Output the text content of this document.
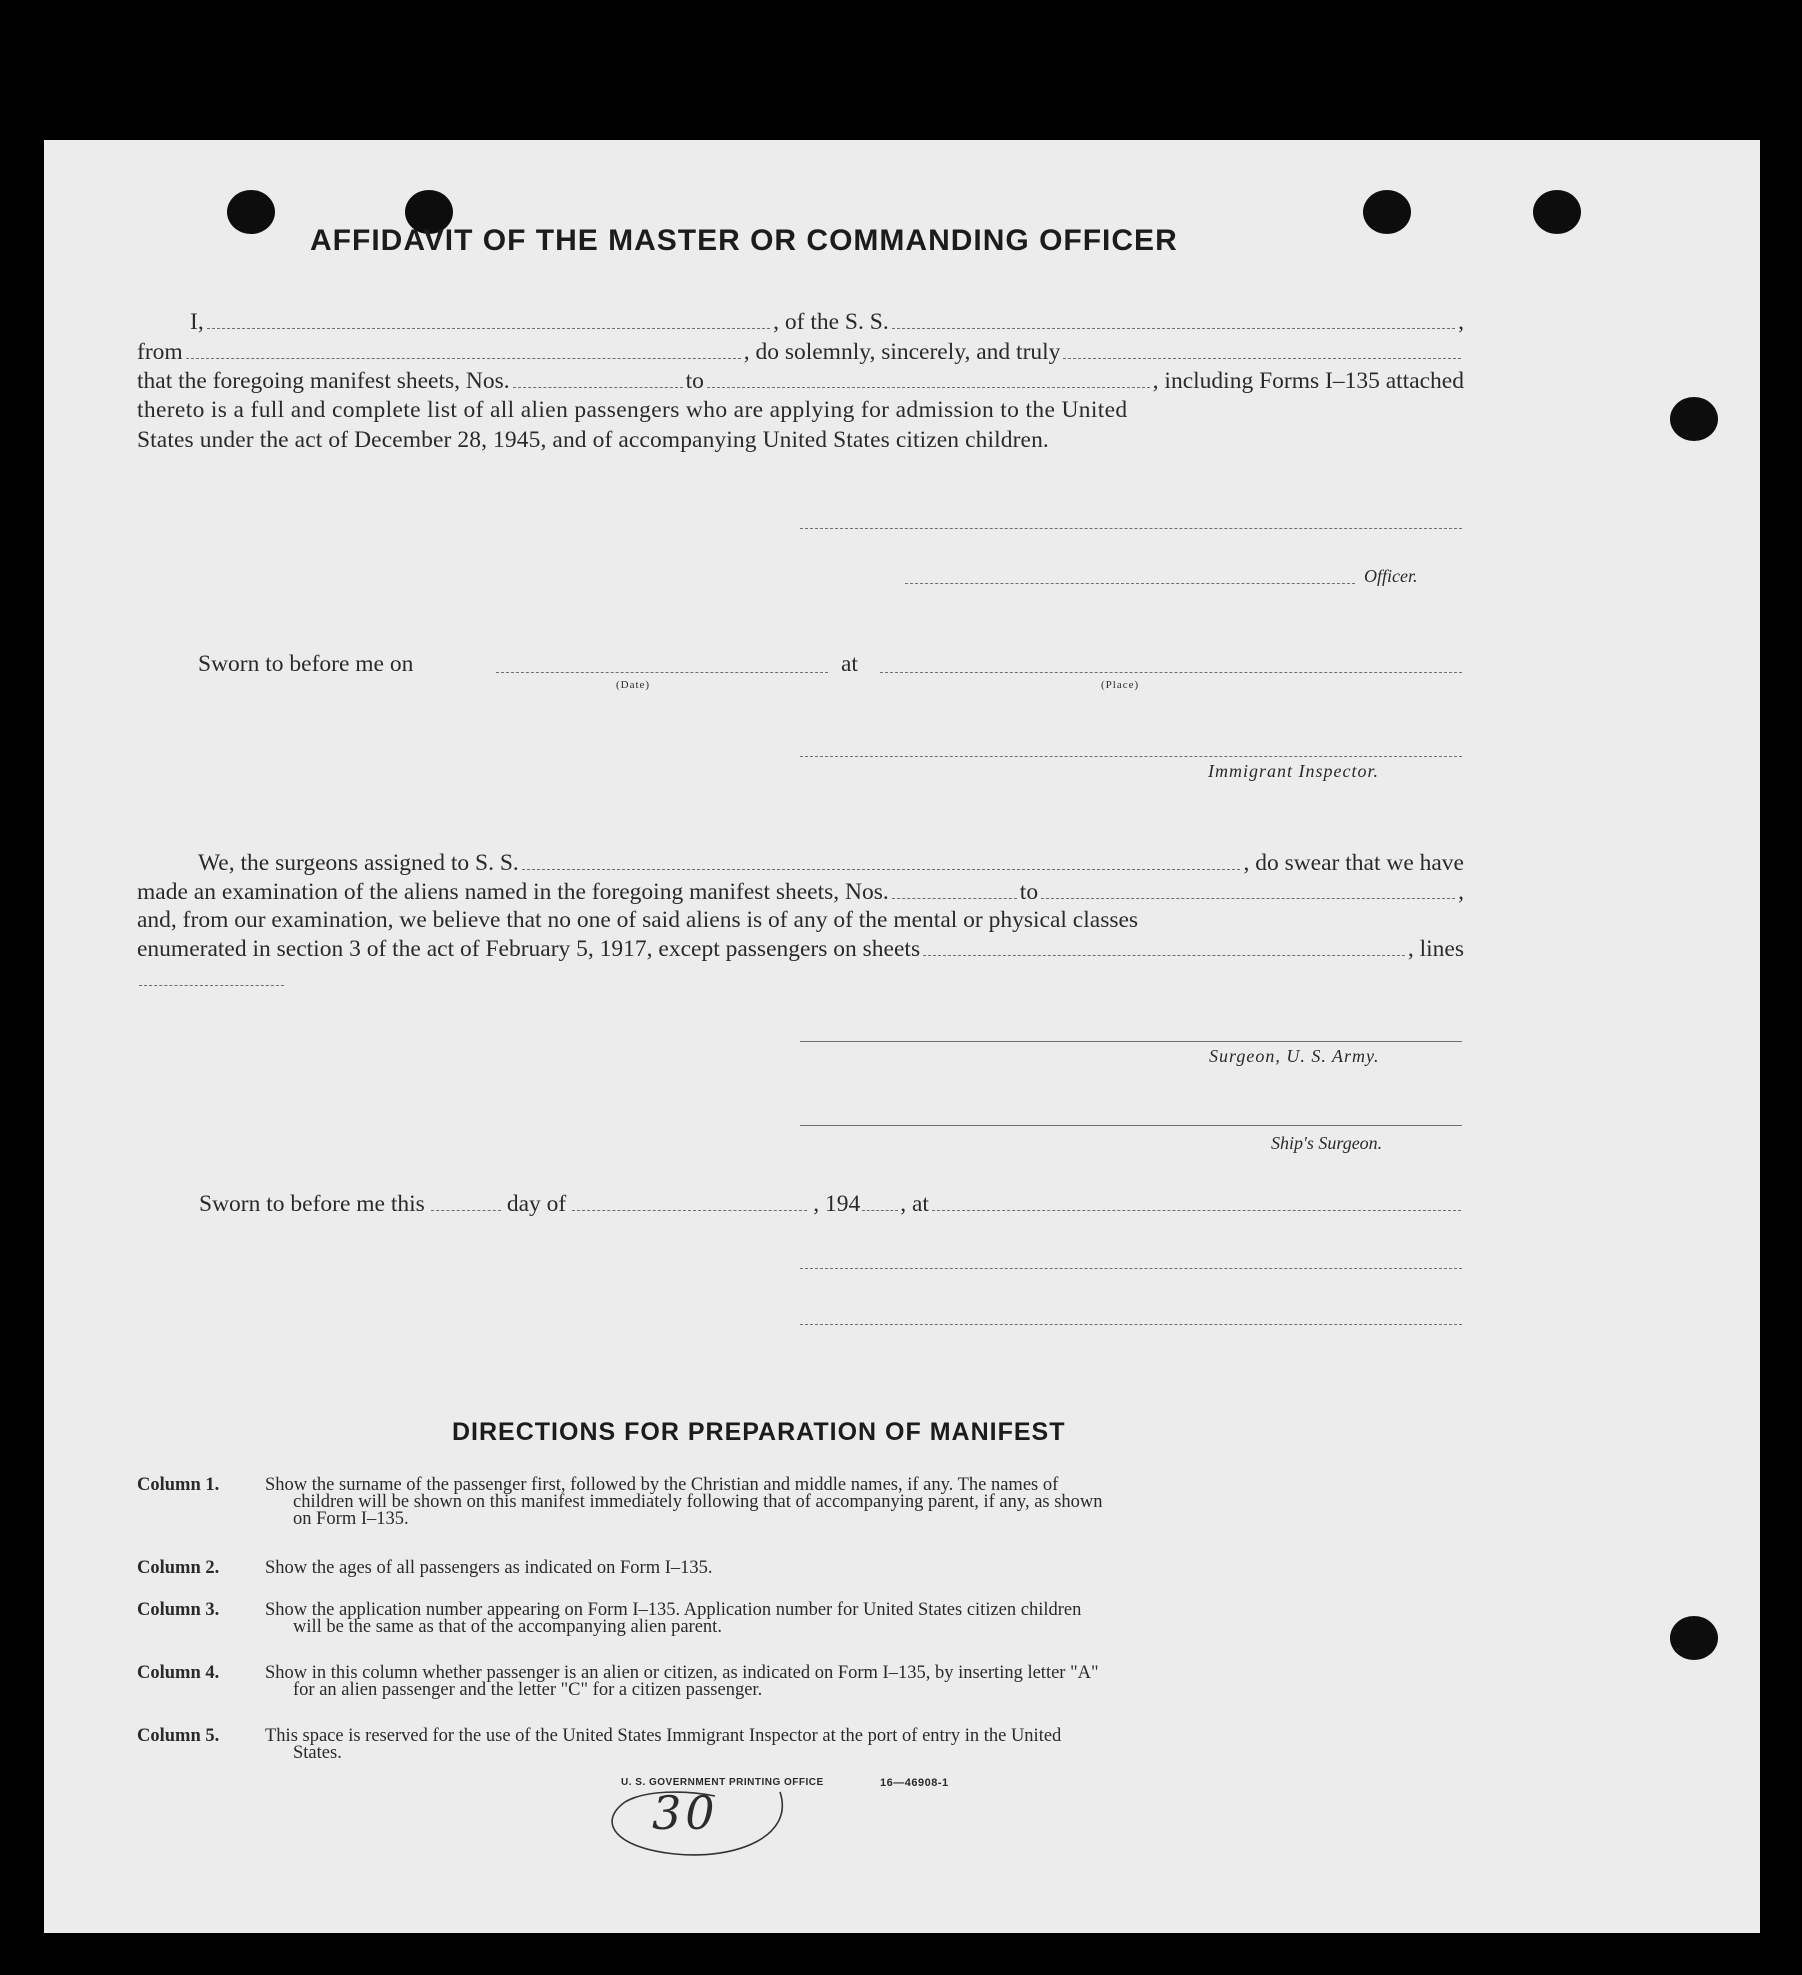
AFFIDAVIT OF THE MASTER OR COMMANDING OFFICER
I,	, of the S. S.	,
from	, do solemnly, sincerely, and truly
that the foregoing manifest sheets, Nos.	to	, including Forms I–135 attached
thereto is a full and complete list of all alien passengers who are applying for admission to the United
States under the act of December 28, 1945, and of accompanying United States citizen children.
Officer.
Sworn to before me on	at
(Date)	(Place)
Immigrant Inspector.
We, the surgeons assigned to S. S.	, do swear that we have
made an examination of the aliens named in the foregoing manifest sheets, Nos.	to	,
and, from our examination, we believe that no one of said aliens is of any of the mental or physical classes
enumerated in section 3 of the act of February 5, 1917, except passengers on sheets	, lines
Surgeon, U. S. Army.
Ship's Surgeon.
Sworn to before me this	day of	, 194 , at
DIRECTIONS FOR PREPARATION OF MANIFEST
Column 1.	Show the surname of the passenger first, followed by the Christian and middle names, if any. The names of
children will be shown on this manifest immediately following that of accompanying parent, if any, as shown
on Form I–135.
Column 2.	Show the ages of all passengers as indicated on Form I–135.
Column 3.	Show the application number appearing on Form I–135. Application number for United States citizen children
will be the same as that of the accompanying alien parent.
Column 4.	Show in this column whether passenger is an alien or citizen, as indicated on Form I–135, by inserting letter "A"
for an alien passenger and the letter "C" for a citizen passenger.
Column 5.	This space is reserved for the use of the United States Immigrant Inspector at the port of entry in the United
States.
U. S. GOVERNMENT PRINTING OFFICE	16—46908-1
30
